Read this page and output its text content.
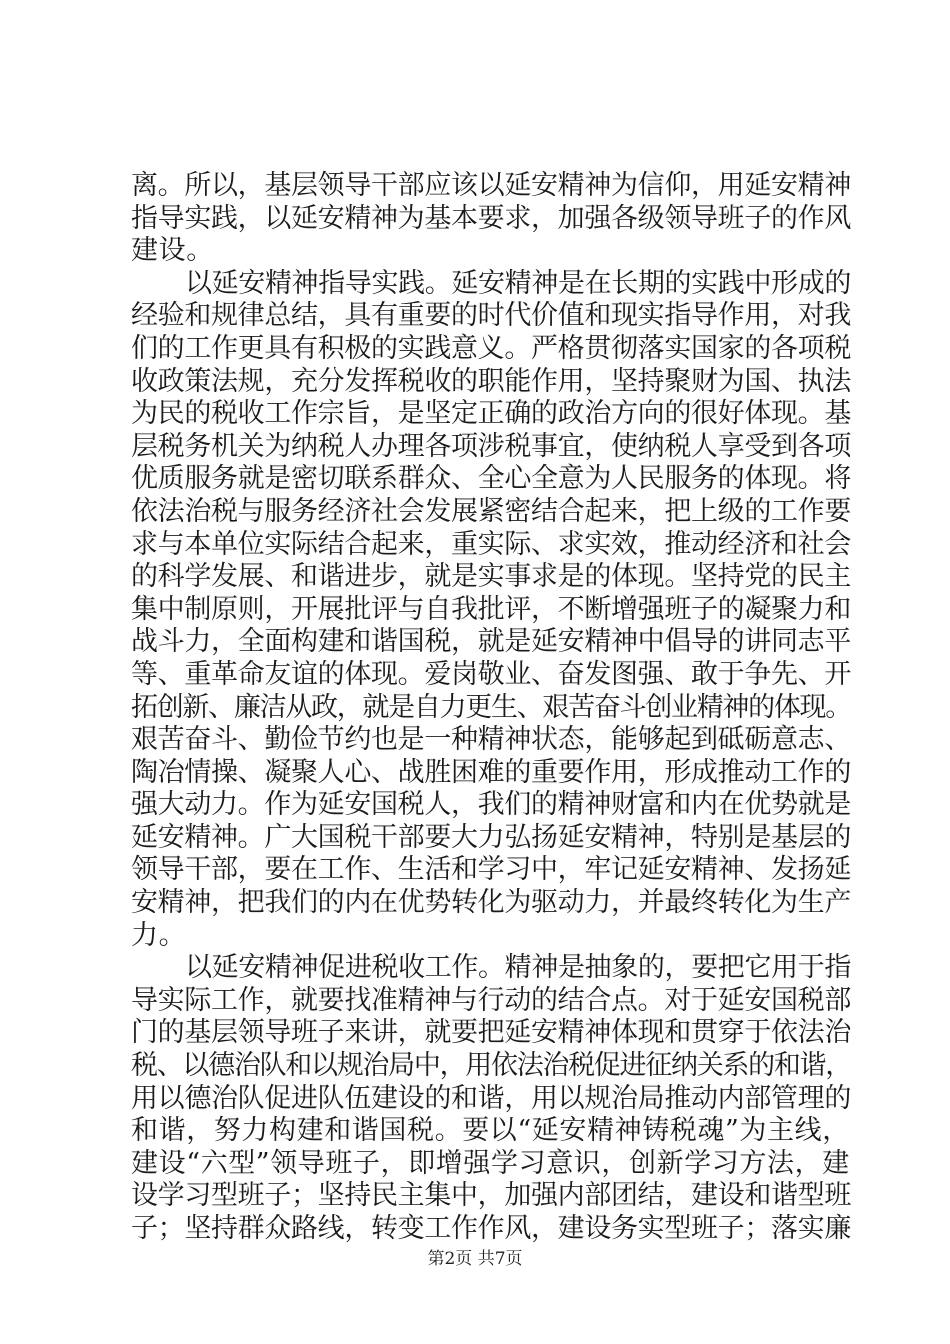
离。所以，基层领导干部应该以延安精神为信仰，用延安精神
指导实践，以延安精神为基本要求，加强各级领导班子的作风
建设。
以延安精神指导实践。延安精神是在长期的实践中形成的
经验和规律总结，具有重要的时代价值和现实指导作用，对我
们的工作更具有积极的实践意义。严格贯彻落实国家的各项税
收政策法规，充分发挥税收的职能作用，坚持聚财为国、执法
为民的税收工作宗旨，是坚定正确的政治方向的很好体现。基
层税务机关为纳税人办理各项涉税事宜，使纳税人享受到各项
优质服务就是密切联系群众、全心全意为人民服务的体现。将
依法治税与服务经济社会发展紧密结合起来，把上级的工作要
求与本单位实际结合起来，重实际、求实效，推动经济和社会
的科学发展、和谐进步，就是实事求是的体现。坚持党的民主
集中制原则，开展批评与自我批评，不断增强班子的凝聚力和
战斗力，全面构建和谐国税，就是延安精神中倡导的讲同志平
等、重革命友谊的体现。爱岗敬业、奋发图强、敢于争先、开
拓创新、廉洁从政，就是自力更生、艰苦奋斗创业精神的体现。
艰苦奋斗、勤俭节约也是一种精神状态，能够起到砥砺意志、
陶冶情操、凝聚人心、战胜困难的重要作用，形成推动工作的
强大动力。作为延安国税人，我们的精神财富和内在优势就是
延安精神。广大国税干部要大力弘扬延安精神，特别是基层的
领导干部，要在工作、生活和学习中，牢记延安精神、发扬延
安精神，把我们的内在优势转化为驱动力，并最终转化为生产
力。
以延安精神促进税收工作。精神是抽象的，要把它用于指
导实际工作，就要找准精神与行动的结合点。对于延安国税部
门的基层领导班子来讲，就要把延安精神体现和贯穿于依法治
税、以德治队和以规治局中，用依法治税促进征纳关系的和谐，
用以德治队促进队伍建设的和谐，用以规治局推动内部管理的
和谐，努力构建和谐国税。要以“延安精神铸税魂”为主线，
建设“六型”领导班子，即增强学习意识，创新学习方法，建
设学习型班子；坚持民主集中，加强内部团结，建设和谐型班
子；坚持群众路线，转变工作作风，建设务实型班子；落实廉
第2页 共7页
